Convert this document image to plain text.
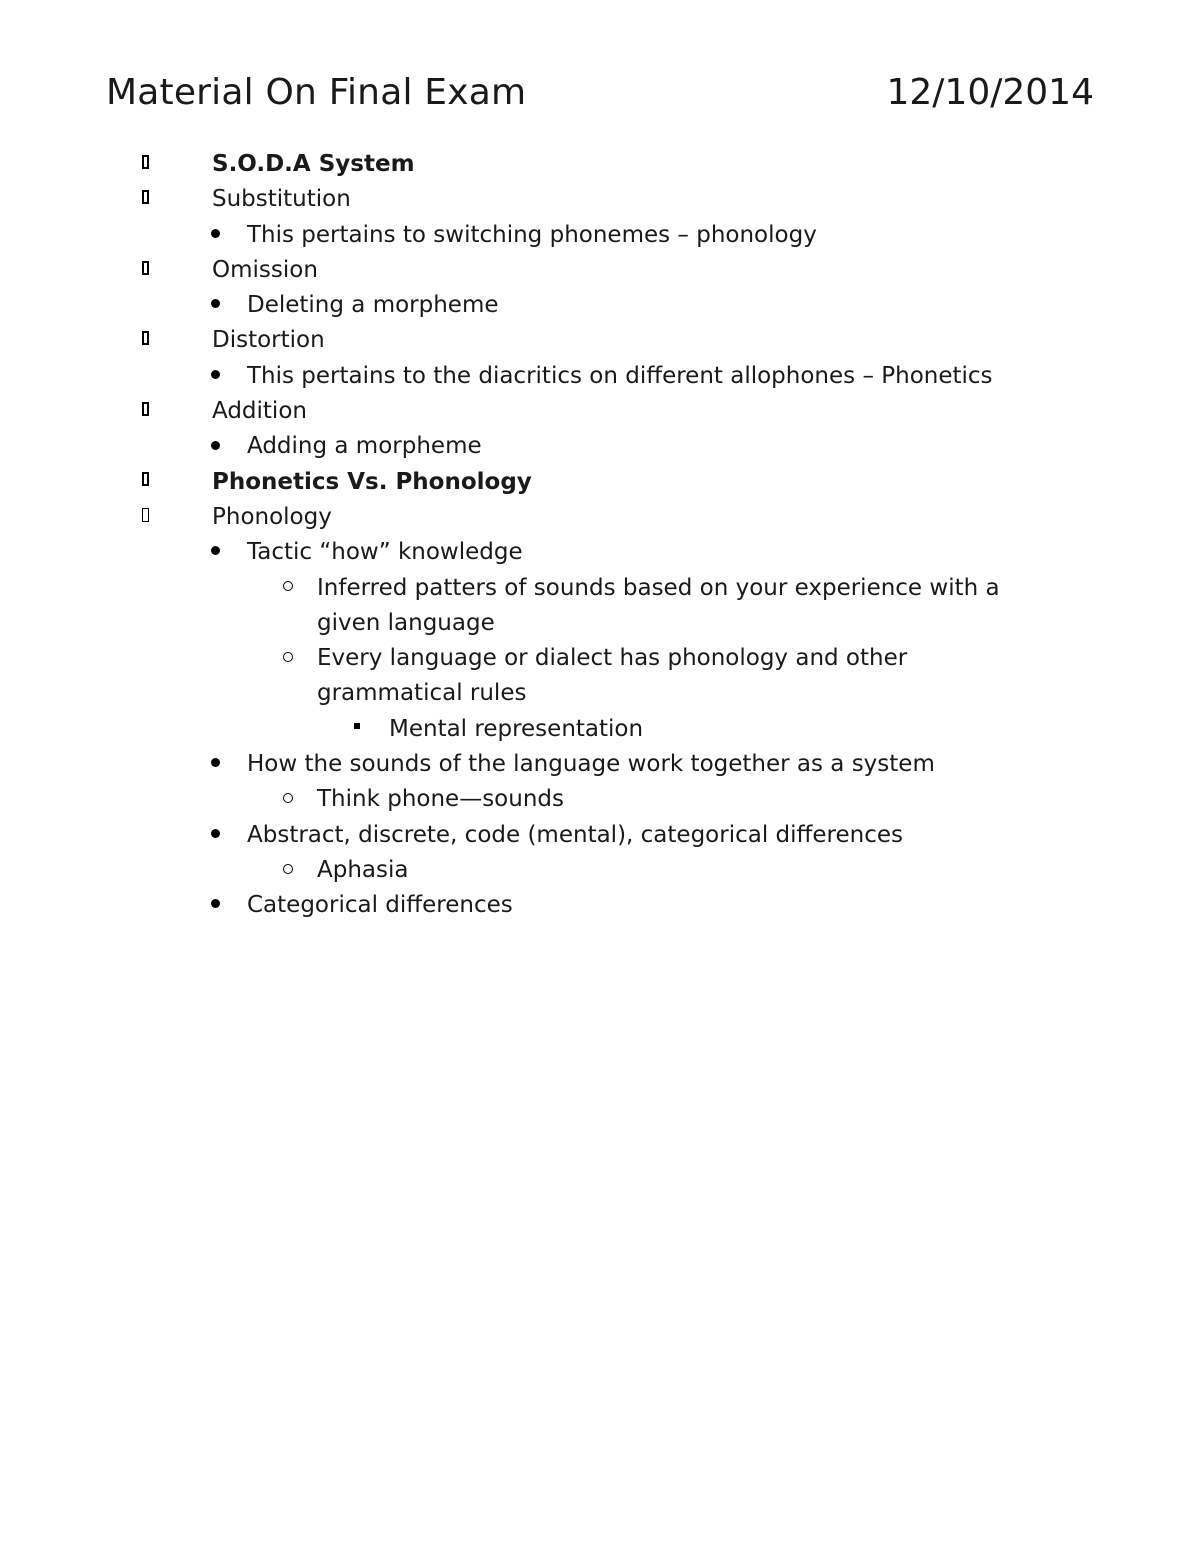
Material On Final Exam	12/10/2014
S.O.D.A System
Substitution
This pertains to switching phonemes – phonology
Omission
Deleting a morpheme
Distortion
This pertains to the diacritics on different allophones – Phonetics
Addition
Adding a morpheme
Phonetics Vs. Phonology
Phonology
Tactic “how” knowledge
Inferred patters of sounds based on your experience with a
given language
Every language or dialect has phonology and other
grammatical rules
Mental representation
How the sounds of the language work together as a system
Think phone—sounds
Abstract, discrete, code (mental), categorical differences
Aphasia
Categorical differences
